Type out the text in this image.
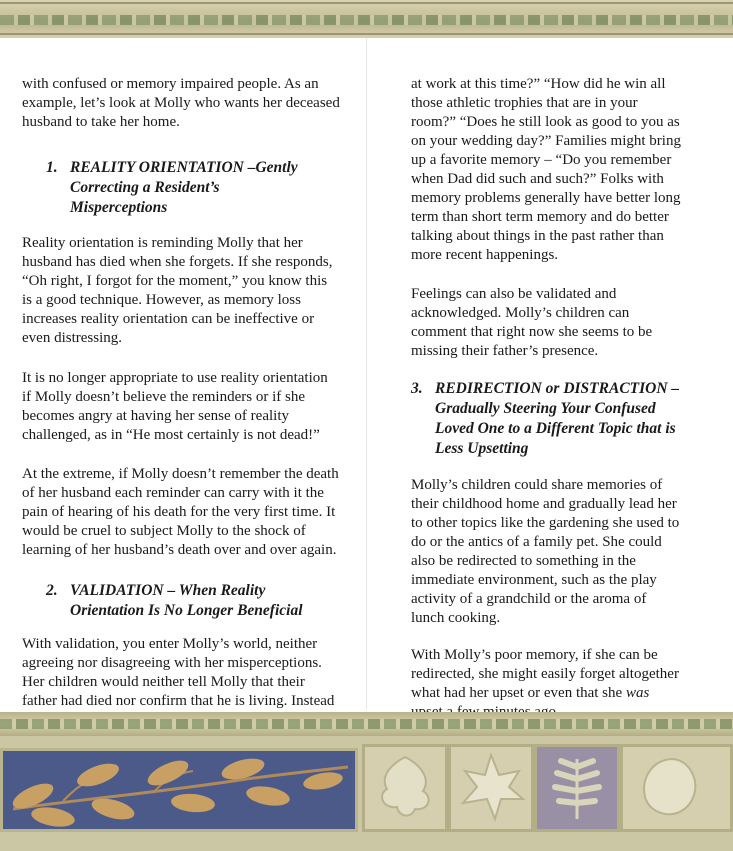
with confused or memory impaired people. As an example, let’s look at Molly who wants her deceased husband to take her home.

1. REALITY ORIENTATION –Gently
Correcting a Resident’s
Misperceptions

Reality orientation is reminding Molly that her husband has died when she forgets. If she responds, “Oh right, I forgot for the moment,” you know this is a good technique. However, as memory loss increases reality orientation can be ineffective or even distressing.

It is no longer appropriate to use reality orientation if Molly doesn’t believe the reminders or if she becomes angry at having her sense of reality challenged, as in “He most certainly is not dead!”

At the extreme, if Molly doesn’t remember the death of her husband each reminder can carry with it the pain of hearing of his death for the very first time. It would be cruel to subject Molly to the shock of learning of her husband’s death over and over again.

2. VALIDATION – When Reality
Orientation Is No Longer Beneficial

With validation, you enter Molly’s world, neither agreeing nor disagreeing with her misperceptions. Her children would neither tell Molly that their father had died nor confirm that he is living. Instead

at work at this time?” “How did he win all those athletic trophies that are in your room?” “Does he still look as good to you as on your wedding day?” Families might bring up a favorite memory – “Do you remember when Dad did such and such?” Folks with memory problems generally have better long term than short term memory and do better talking about things in the past rather than more recent happenings.

Feelings can also be validated and acknowledged. Molly’s children can comment that right now she seems to be missing their father’s presence.

3. REDIRECTION or DISTRACTION –
Gradually Steering Your Confused
Loved One to a Different Topic that is
Less Upsetting

Molly’s children could share memories of their childhood home and gradually lead her to other topics like the gardening she used to do or the antics of a family pet. She could also be redirected to something in the immediate environment, such as the play activity of a grandchild or the aroma of lunch cooking.

With Molly’s poor memory, if she can be redirected, she might easily forget altogether what had her upset or even that she was
